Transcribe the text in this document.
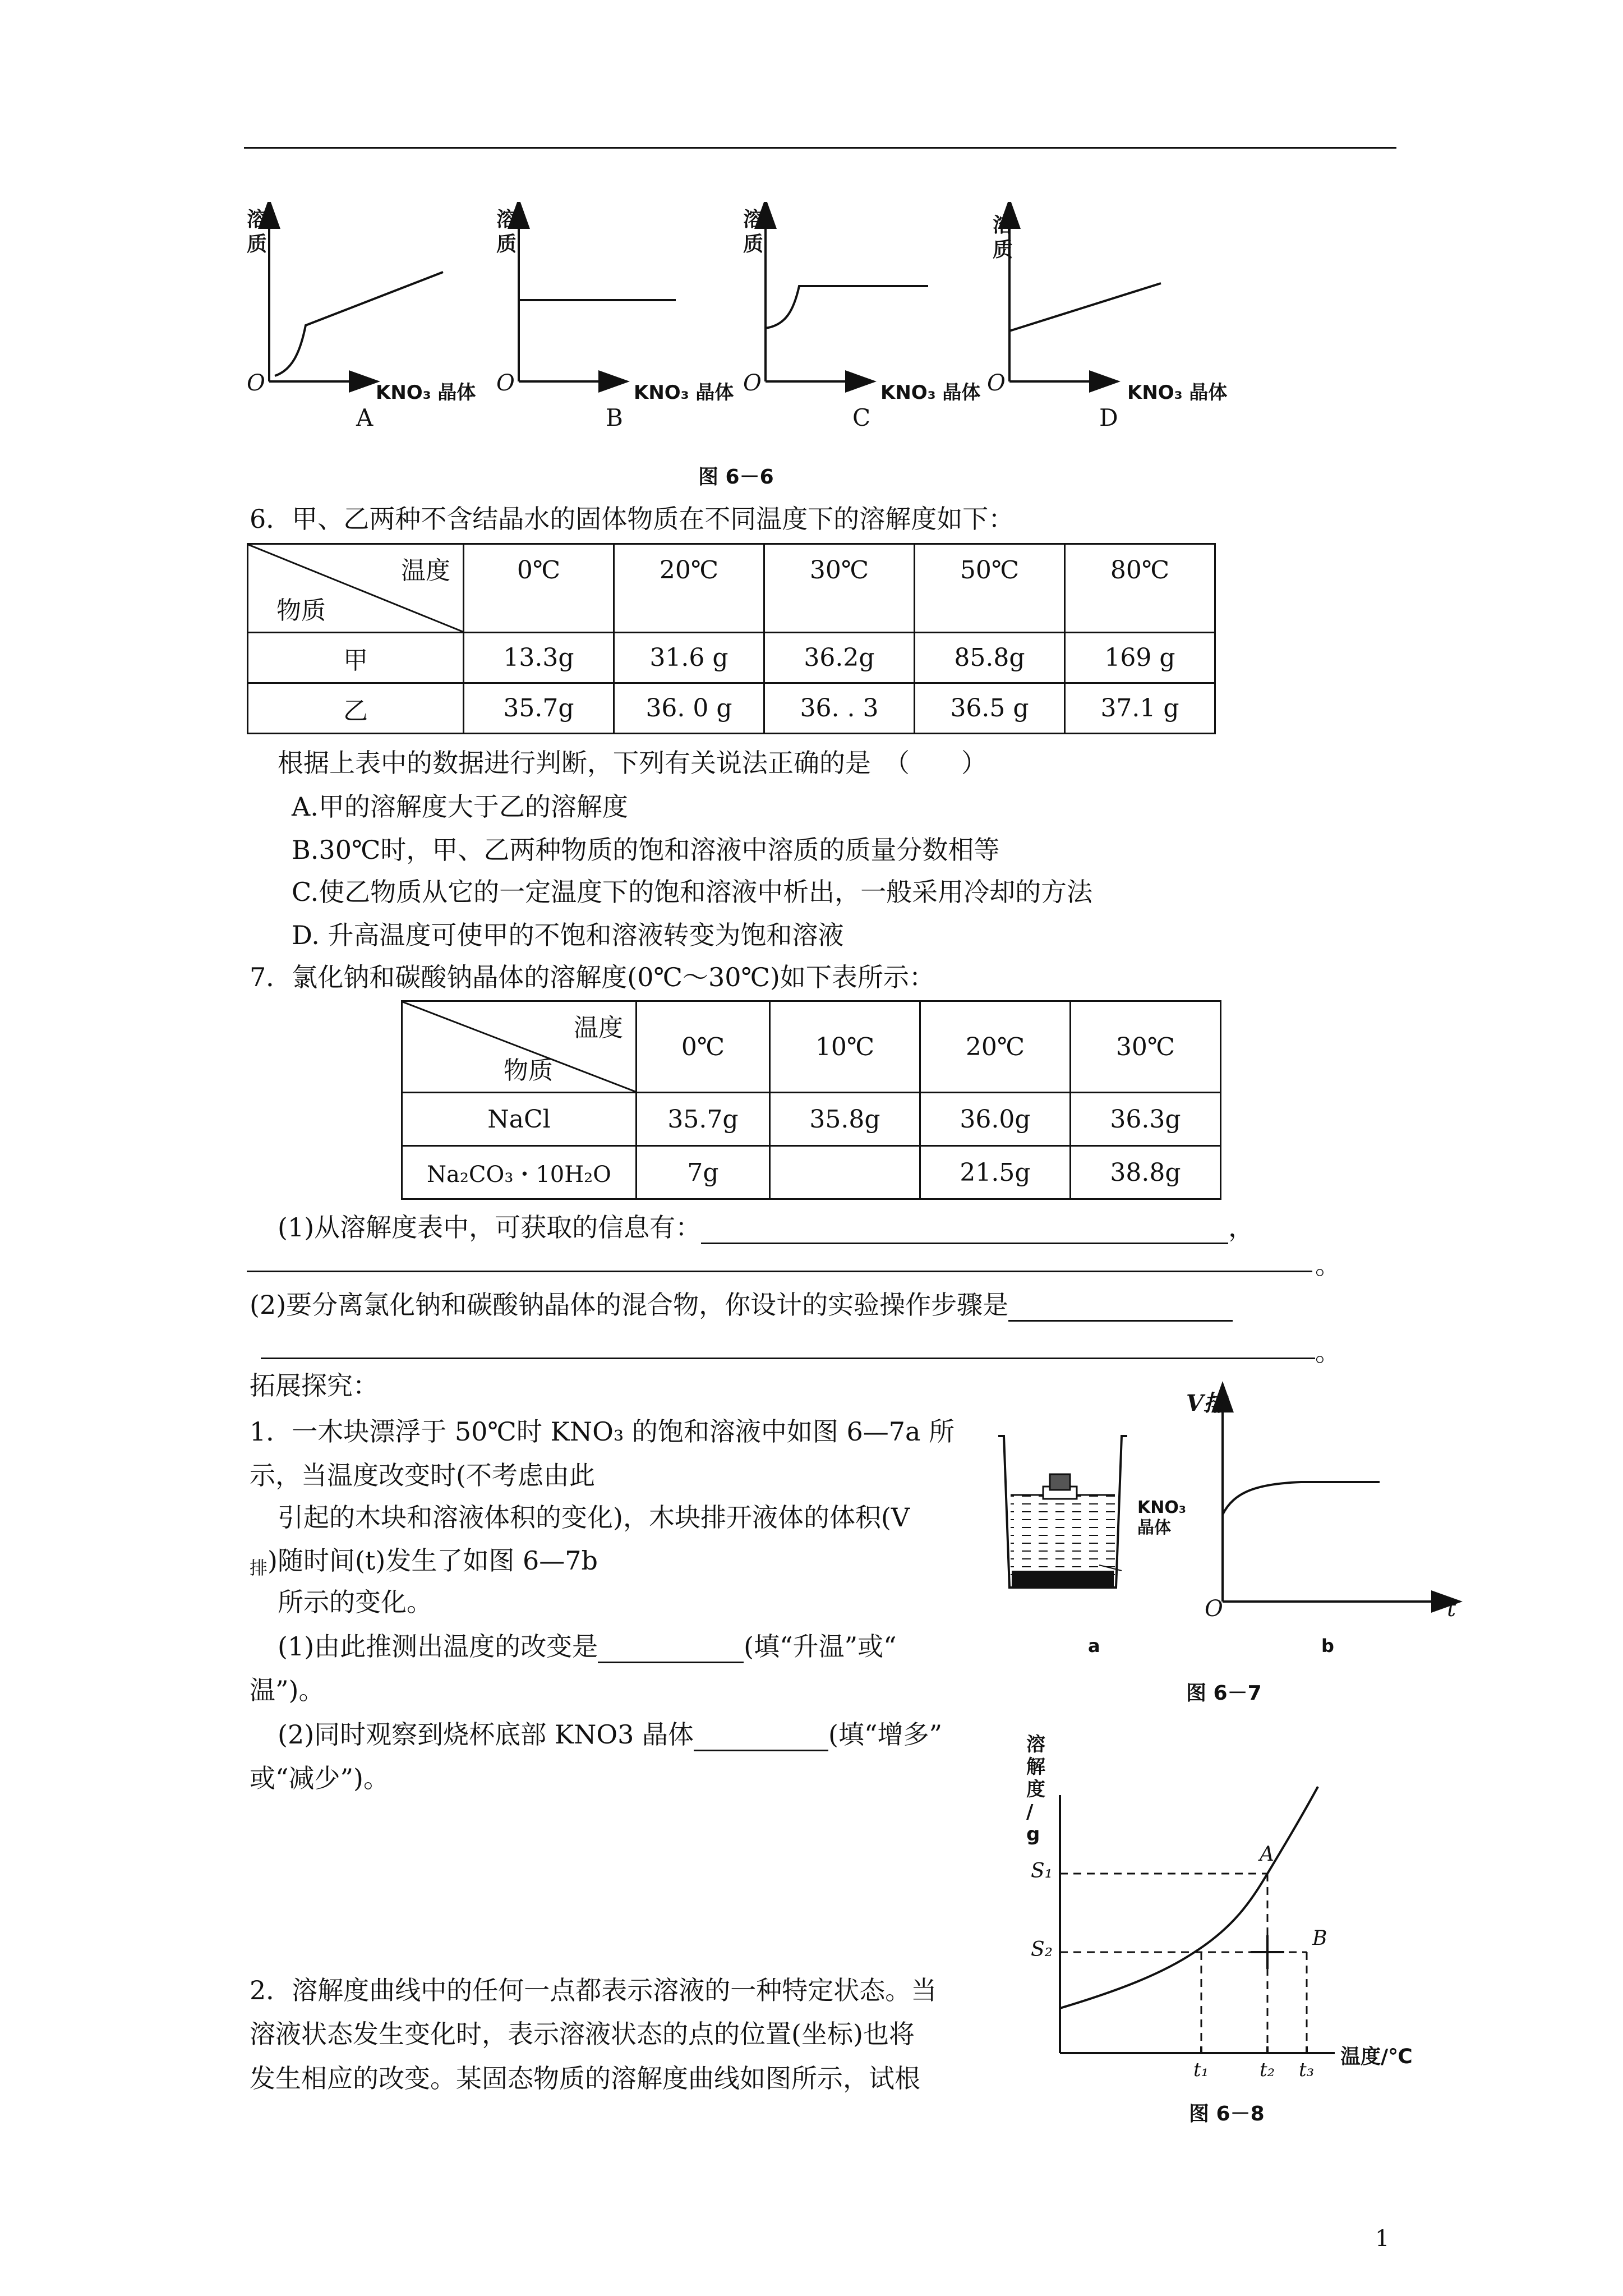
溶质
溶质
溶质
溶质
O	O	O	O
KNO₃ 晶体	KNO₃ 晶体	KNO₃ 晶体	KNO₃ 晶体
A	B	C	D
图 6－6
6．甲、乙两种不含结晶水的固体物质在不同温度下的溶解度如下：
温度
物质	0℃	20℃	30℃	50℃	80℃
甲	13.3g	31.6 g	36.2g	85.8g	169 g
乙	35.7g	36. 0 g	36. . 3	36.5 g	37.1 g
根据上表中的数据进行判断，下列有关说法正确的是　（　　）
A.甲的溶解度大于乙的溶解度
B.30℃时，甲、乙两种物质的饱和溶液中溶质的质量分数相等
C.使乙物质从它的一定温度下的饱和溶液中析出，一般采用冷却的方法
D. 升高温度可使甲的不饱和溶液转变为饱和溶液
7．氯化钠和碳酸钠晶体的溶解度(0℃～30℃)如下表所示：
温度
物质	0℃	10℃	20℃	30℃
NaCl	35.7g	35.8g	36.0g	36.3g
Na₂CO₃・10H₂O	7g		21.5g	38.8g
(1)从溶解度表中，可获取的信息有：	，
。
(2)要分离氯化钠和碳酸钠晶体的混合物，你设计的实验操作步骤是
。
拓展探究：
1．一木块漂浮于 50℃时 KNO₃ 的饱和溶液中如图 6—7a 所
示，当温度改变时(不考虑由此
引起的木块和溶液体积的变化)，木块排开液体的体积(V
排)随时间(t)发生了如图 6—7b
所示的变化。
(1)由此推测出温度的改变是	(填“升温”或“
温”)。
(2)同时观察到烧杯底部 KNO3 晶体	(填“增多”
或“减少”)。
2．溶解度曲线中的任何一点都表示溶液的一种特定状态。当
溶液状态发生变化时，表示溶液状态的点的位置(坐标)也将
发生相应的改变。某固态物质的溶解度曲线如图所示，试根
KNO₃
晶体
V排
O	t
a	b
图 6－7
溶
解
度
/
g
S₁
S₂
A
B
t₁	t₂ t₃
温度/℃
图 6－8
1
